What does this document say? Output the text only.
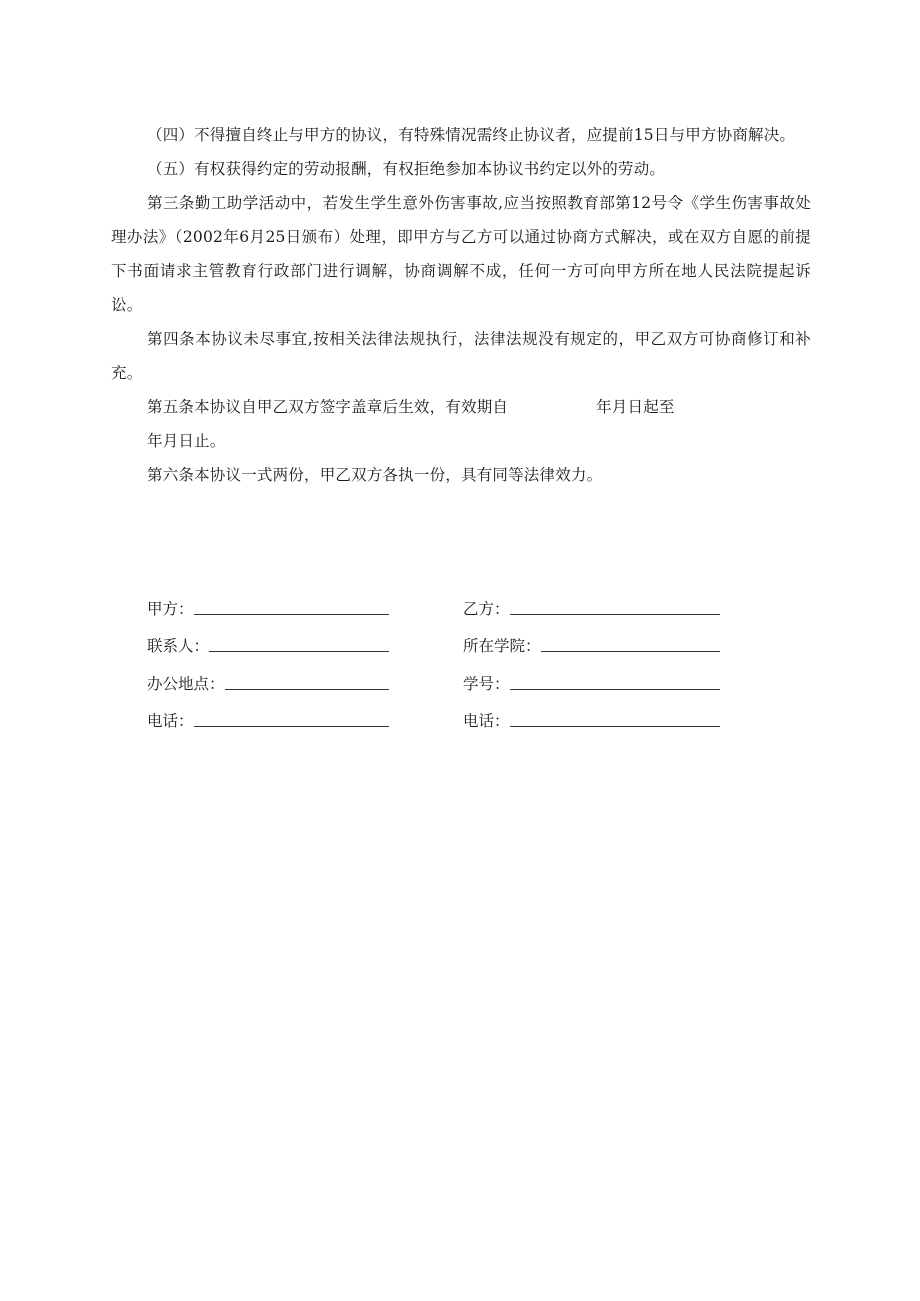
（四）不得擅自终止与甲方的协议，有特殊情况需终止协议者，应提前15日与甲方协商解决。

（五）有权获得约定的劳动报酬，有权拒绝参加本协议书约定以外的劳动。

第三条勤工助学活动中，若发生学生意外伤害事故,应当按照教育部第12号令《学生伤害事故处理办法》（2002年6月25日颁布）处理，即甲方与乙方可以通过协商方式解决，或在双方自愿的前提下书面请求主管教育行政部门进行调解，协商调解不成，任何一方可向甲方所在地人民法院提起诉讼。

第四条本协议未尽事宜,按相关法律法规执行，法律法规没有规定的，甲乙双方可协商修订和补充。

第五条本协议自甲乙双方签字盖章后生效，有效期自	年月日起至

年月日止。

第六条本协议一式两份，甲乙双方各执一份，具有同等法律效力。

甲方：	乙方：
联系人：	所在学院：
办公地点：	学号：
电话：	电话：
